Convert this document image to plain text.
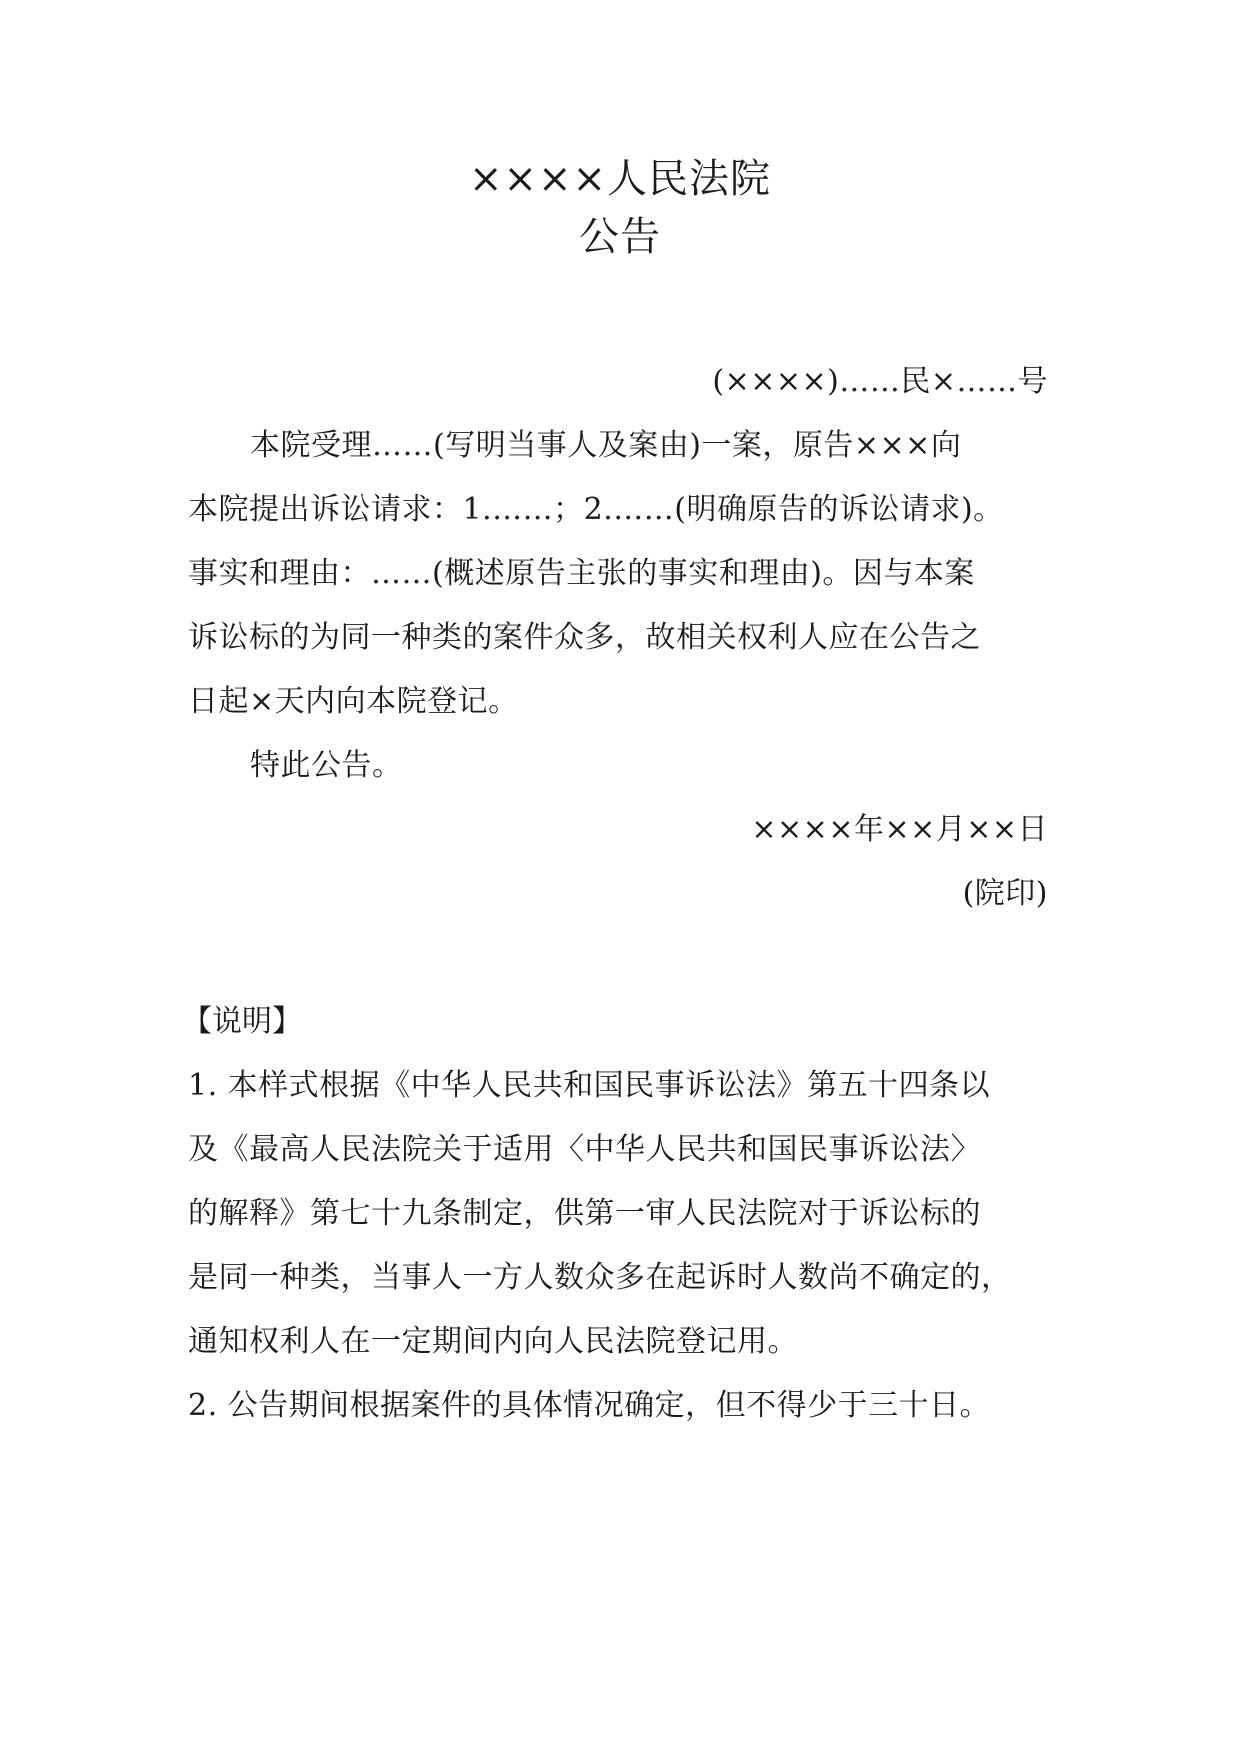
××××人民法院
公告
(××××)……民×……号
本院受理……(写明当事人及案由)一案，原告×××向
本院提出诉讼请求：1.……；2.……(明确原告的诉讼请求)。
事实和理由：……(概述原告主张的事实和理由)。因与本案
诉讼标的为同一种类的案件众多，故相关权利人应在公告之
日起×天内向本院登记。
特此公告。
××××年××月××日
(院印)
【说明】
1. 本样式根据《中华人民共和国民事诉讼法》第五十四条以
及《最高人民法院关于适用〈中华人民共和国民事诉讼法〉
的解释》第七十九条制定，供第一审人民法院对于诉讼标的
是同一种类，当事人一方人数众多在起诉时人数尚不确定的，
通知权利人在一定期间内向人民法院登记用。
2. 公告期间根据案件的具体情况确定，但不得少于三十日。
